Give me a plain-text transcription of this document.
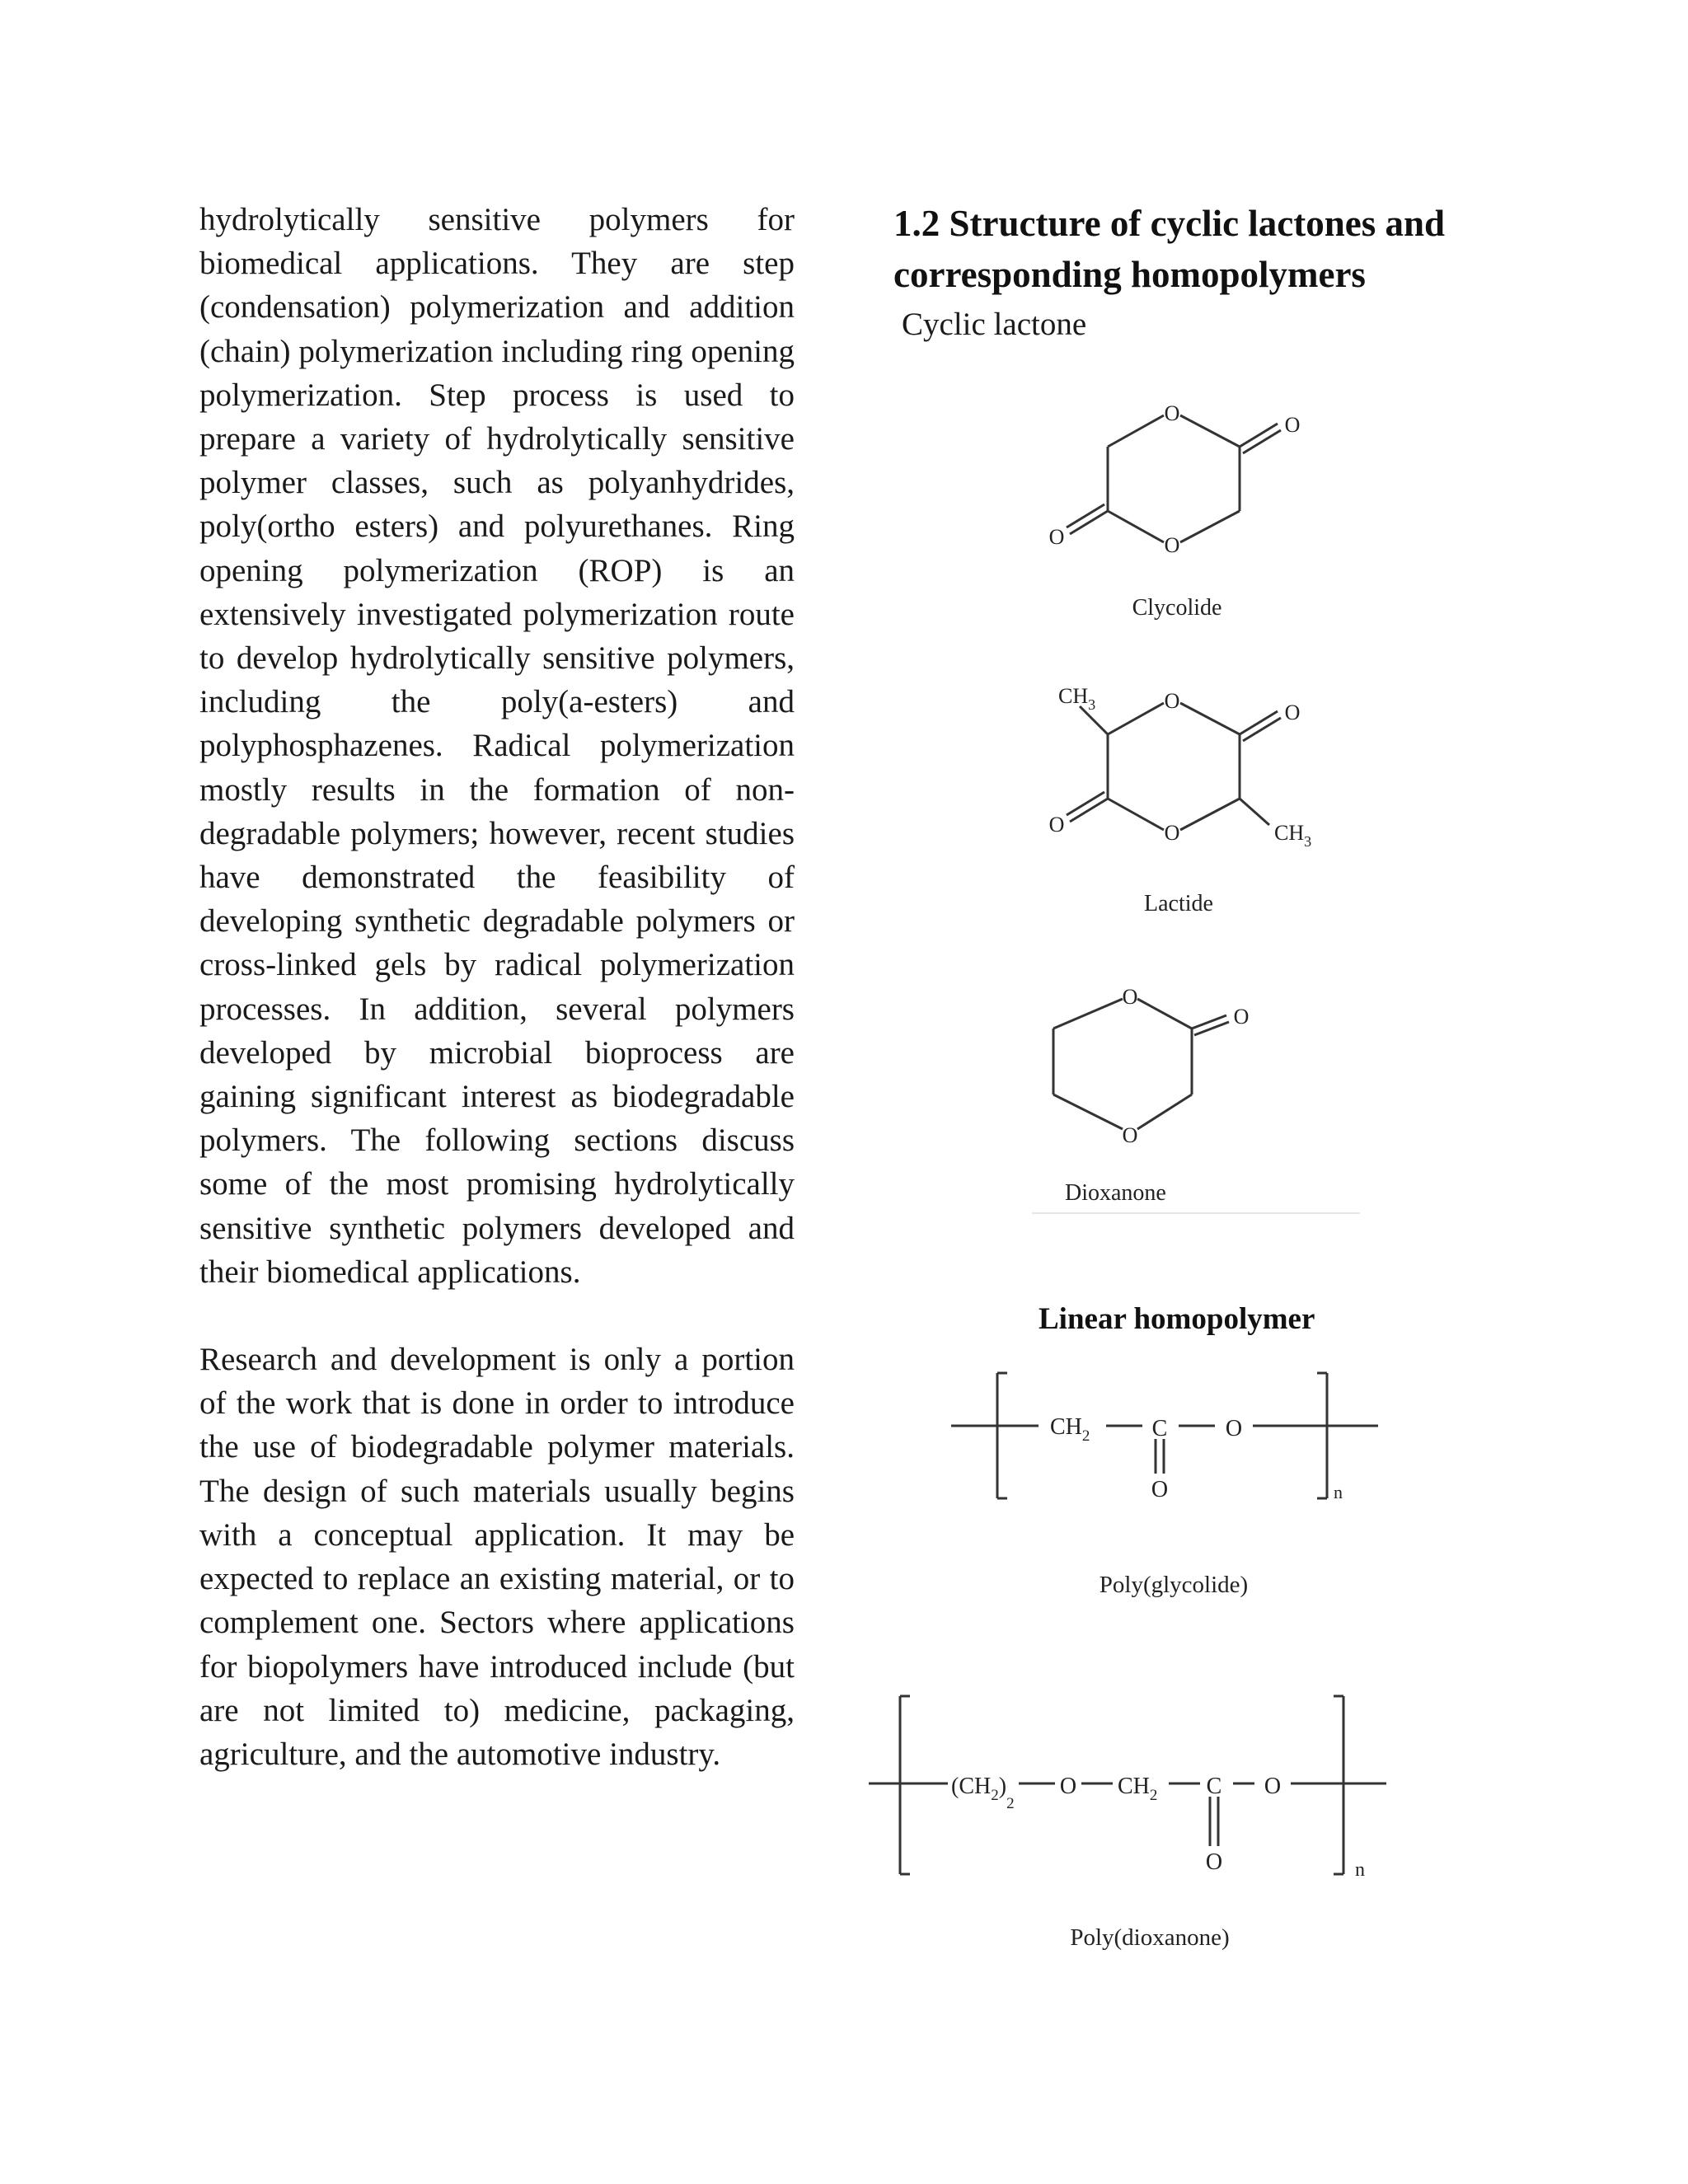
hydrolytically sensitive polymers for biomedical applications. They are step (condensation) polymerization and addition (chain) polymerization including ring opening polymerization. Step process is used to prepare a variety of hydrolytically sensitive polymer classes, such as polyanhydrides, poly(ortho esters) and polyurethanes. Ring opening polymerization (ROP) is an extensively investigated polymerization route to develop hydrolytically sensitive polymers, including the poly(a-esters) and polyphosphazenes. Radical polymerization mostly results in the formation of non-degradable polymers; however, recent studies have demonstrated the feasibility of developing synthetic degradable polymers or cross-linked gels by radical polymerization processes. In addition, several polymers developed by microbial bioprocess are gaining significant interest as biodegradable polymers. The following sections discuss some of the most promising hydrolytically sensitive synthetic polymers developed and their biomedical applications.

Research and development is only a portion of the work that is done in order to introduce the use of biodegradable polymer materials. The design of such materials usually begins with a conceptual application. It may be expected to replace an existing material, or to complement one. Sectors where applications for biopolymers have introduced include (but are not limited to) medicine, packaging, agriculture, and the automotive industry.

1.2 Structure of cyclic lactones and corresponding homopolymers
Cyclic lactone
O	O
O
O
Clycolide
$CH_3$	O	O
O
O	$CH_3$
Lactide
O
O
O
Dioxanone
Linear homopolymer
$CH_2$	C	O
O	n
Poly(glycolide)
$(CH_2)_2$
O $CH_2$ C O
O	n
Poly(dioxanone)
